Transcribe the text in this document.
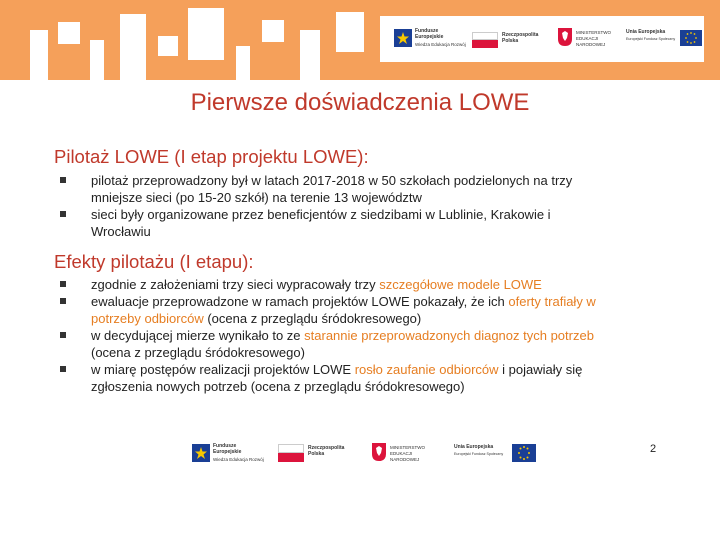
Fundusze
Europejskie
Wiedza Edukacja Rozwój
Rzeczpospolita
Polska
MINISTERSTWO
EDUKACJI
NARODOWEJ
Unia Europejska
Europejski Fundusz Społeczny
Pierwsze doświadczenia LOWE
Pilotaż LOWE (I etap projektu LOWE):
pilotaż przeprowadzony był w latach 2017-2018 w 50 szkołach podzielonych na trzy
mniejsze sieci (po 15-20 szkół) na terenie 13 województw
sieci były organizowane przez beneficjentów z siedzibami w Lublinie, Krakowie i
Wrocławiu
Efekty pilotażu (I etapu):
zgodnie z założeniami trzy sieci wypracowały trzy szczegółowe modele LOWE
ewaluacje przeprowadzone w ramach projektów LOWE pokazały, że ich oferty trafiały w
potrzeby odbiorców (ocena z przeglądu śródokresowego)
w decydującej mierze wynikało to ze starannie przeprowadzonych diagnoz tych potrzeb
(ocena z przeglądu śródokresowego)
w miarę postępów realizacji projektów LOWE rosło zaufanie odbiorców i pojawiały się
zgłoszenia nowych potrzeb (ocena z przeglądu śródokresowego)
2
Fundusze
Europejskie
Wiedza Edukacja Rozwój
Rzeczpospolita
Polska
MINISTERSTWO
EDUKACJI
NARODOWEJ
Unia Europejska
Europejski Fundusz Społeczny
